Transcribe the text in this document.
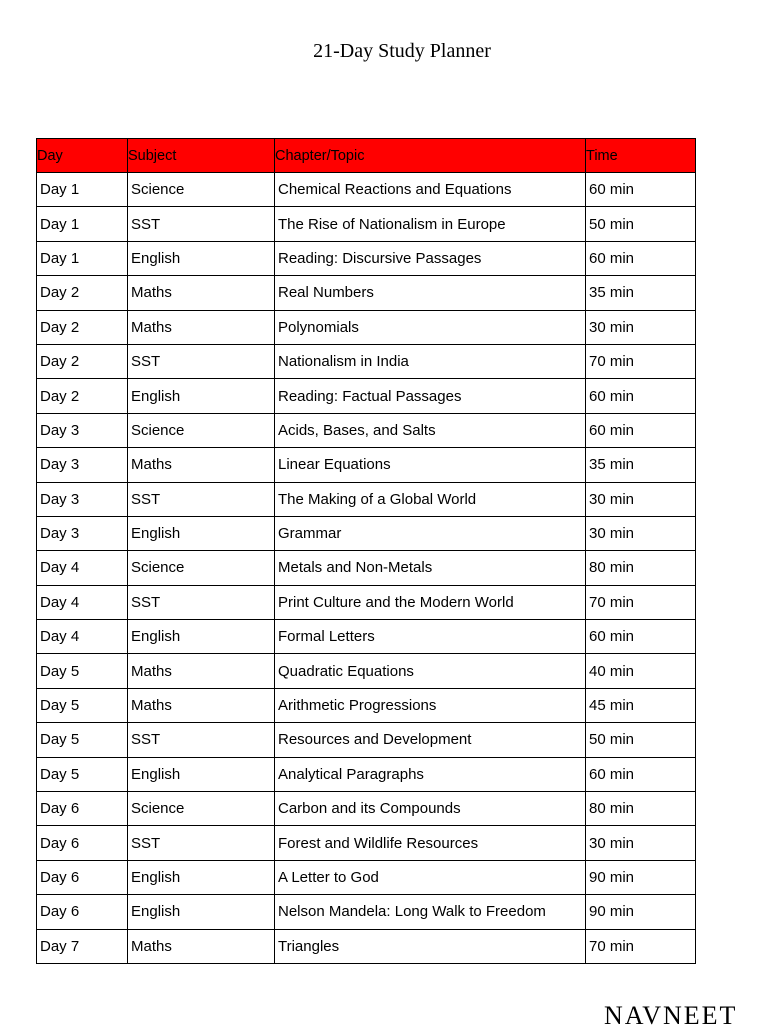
21-Day Study Planner
Day	Subject	Chapter/Topic	Time
Day 1	Science	Chemical Reactions and Equations	60 min
Day 1	SST	The Rise of Nationalism in Europe	50 min
Day 1	English	Reading: Discursive Passages	60 min
Day 2	Maths	Real Numbers	35 min
Day 2	Maths	Polynomials	30 min
Day 2	SST	Nationalism in India	70 min
Day 2	English	Reading: Factual Passages	60 min
Day 3	Science	Acids, Bases, and Salts	60 min
Day 3	Maths	Linear Equations	35 min
Day 3	SST	The Making of a Global World	30 min
Day 3	English	Grammar	30 min
Day 4	Science	Metals and Non-Metals	80 min
Day 4	SST	Print Culture and the Modern World	70 min
Day 4	English	Formal Letters	60 min
Day 5	Maths	Quadratic Equations	40 min
Day 5	Maths	Arithmetic Progressions	45 min
Day 5	SST	Resources and Development	50 min
Day 5	English	Analytical Paragraphs	60 min
Day 6	Science	Carbon and its Compounds	80 min
Day 6	SST	Forest and Wildlife Resources	30 min
Day 6	English	A Letter to God	90 min
Day 6	English	Nelson Mandela: Long Walk to Freedom	90 min
Day 7	Maths	Triangles	70 min
NAVNEET
